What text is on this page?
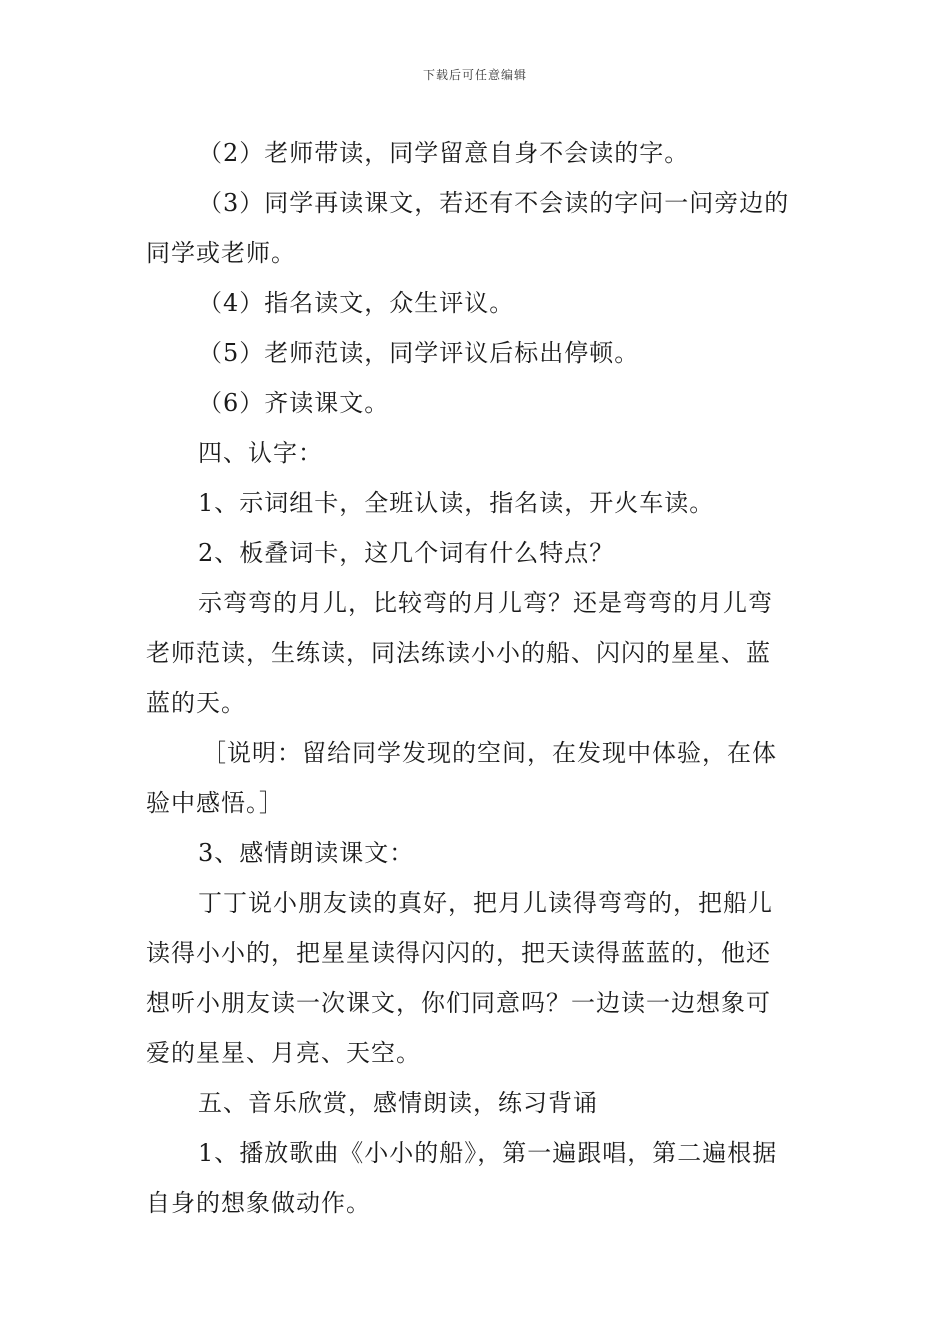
下载后可任意编辑
（2）老师带读，同学留意自身不会读的字。
（3）同学再读课文，若还有不会读的字问一问旁边的
同学或老师。
（4）指名读文，众生评议。
（5）老师范读，同学评议后标出停顿。
（6）齐读课文。
四、认字：
1、示词组卡，全班认读，指名读，开火车读。
2、板叠词卡，这几个词有什么特点？
示弯弯的月儿，比较弯的月儿弯？还是弯弯的月儿弯
老师范读，生练读，同法练读小小的船、闪闪的星星、蓝
蓝的天。
［说明：留给同学发现的空间，在发现中体验，在体
验中感悟。］
3、感情朗读课文：
丁丁说小朋友读的真好，把月儿读得弯弯的，把船儿
读得小小的，把星星读得闪闪的，把天读得蓝蓝的，他还
想听小朋友读一次课文，你们同意吗？一边读一边想象可
爱的星星、月亮、天空。
五、音乐欣赏，感情朗读，练习背诵
1、播放歌曲《小小的船》，第一遍跟唱，第二遍根据
自身的想象做动作。
